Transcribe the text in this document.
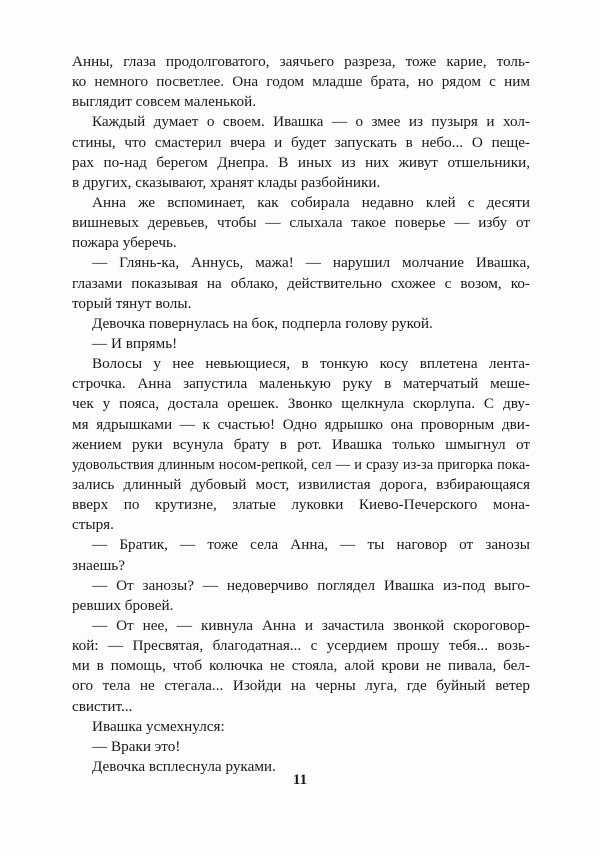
Анны, глаза продолговатого, заячьего разреза, тоже карие, толь-
ко немного посветлее. Она годом младше брата, но рядом с ним
выглядит совсем маленькой.
Каждый думает о своем. Ивашка — о змее из пузыря и хол-
стины, что смастерил вчера и будет запускать в небо... О пеще-
рах по-над берегом Днепра. В иных из них живут отшельники,
в других, сказывают, хранят клады разбойники.
Анна же вспоминает, как собирала недавно клей с десяти
вишневых деревьев, чтобы — слыхала такое поверье — избу от
пожара уберечь.
— Глянь-ка, Аннусь, мажа! — нарушил молчание Ивашка,
глазами показывая на облако, действительно схожее с возом, ко-
торый тянут волы.
Девочка повернулась на бок, подперла голову рукой.
— И впрямь!
Волосы у нее невьющиеся, в тонкую косу вплетена лента-
строчка. Анна запустила маленькую руку в матерчатый меше-
чек у пояса, достала орешек. Звонко щелкнула скорлупа. С дву-
мя ядрышками — к счастью! Одно ядрышко она проворным дви-
жением руки всунула брату в рот. Ивашка только шмыгнул от
удовольствия длинным носом-репкой, сел — и сразу из-за пригорка пока-
зались длинный дубовый мост, извилистая дорога, взбирающаяся
вверх по крутизне, златые луковки Киево-Печерского мона-
стыря.
— Братик, — тоже села Анна, — ты наговор от занозы
знаешь?
— От занозы? — недоверчиво поглядел Ивашка из-под выго-
ревших бровей.
— От нее, — кивнула Анна и зачастила звонкой скороговор-
кой: — Пресвятая, благодатная... с усердием прошу тебя... возь-
ми в помощь, чтоб колючка не стояла, алой крови не пивала, бел-
ого тела не стегала... Изойди на черны луга, где буйный ветер
свистит...
Ивашка усмехнулся:
— Враки это!
Девочка всплеснула руками.
11
